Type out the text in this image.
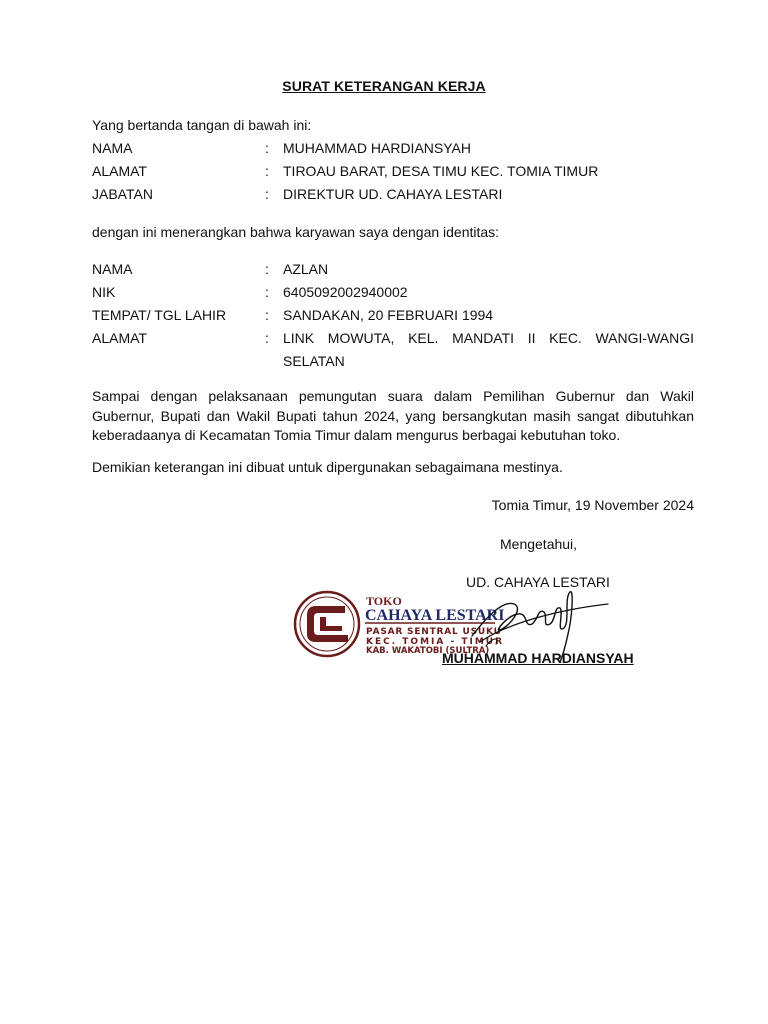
SURAT KETERANGAN KERJA
Yang bertanda tangan di bawah ini:
NAMA	: MUHAMMAD HARDIANSYAH
ALAMAT	: TIROAU BARAT, DESA TIMU KEC. TOMIA TIMUR
JABATAN	: DIREKTUR UD. CAHAYA LESTARI
dengan ini menerangkan bahwa karyawan saya dengan identitas:
NAMA	: AZLAN
NIK	: 6405092002940002
TEMPAT/ TGL LAHIR	: SANDAKAN, 20 FEBRUARI 1994
ALAMAT	: LINK MOWUTA, KEL. MANDATI II KEC. WANGI-WANGI SELATAN
Sampai dengan pelaksanaan pemungutan suara dalam Pemilihan Gubernur dan Wakil Gubernur, Bupati dan Wakil Bupati tahun 2024, yang bersangkutan masih sangat dibutuhkan keberadaanya di Kecamatan Tomia Timur dalam mengurus berbagai kebutuhan toko.
Demikian keterangan ini dibuat untuk dipergunakan sebagaimana mestinya.
Tomia Timur, 19 November 2024
Mengetahui,
UD. CAHAYA LESTARI
TOKO
CAHAYA LESTARI
PASAR SENTRAL USUKU
KEC. TOMIA - TIMUR
KAB. WAKATOBI (SULTRA)
MUHAMMAD HARDIANSYAH
